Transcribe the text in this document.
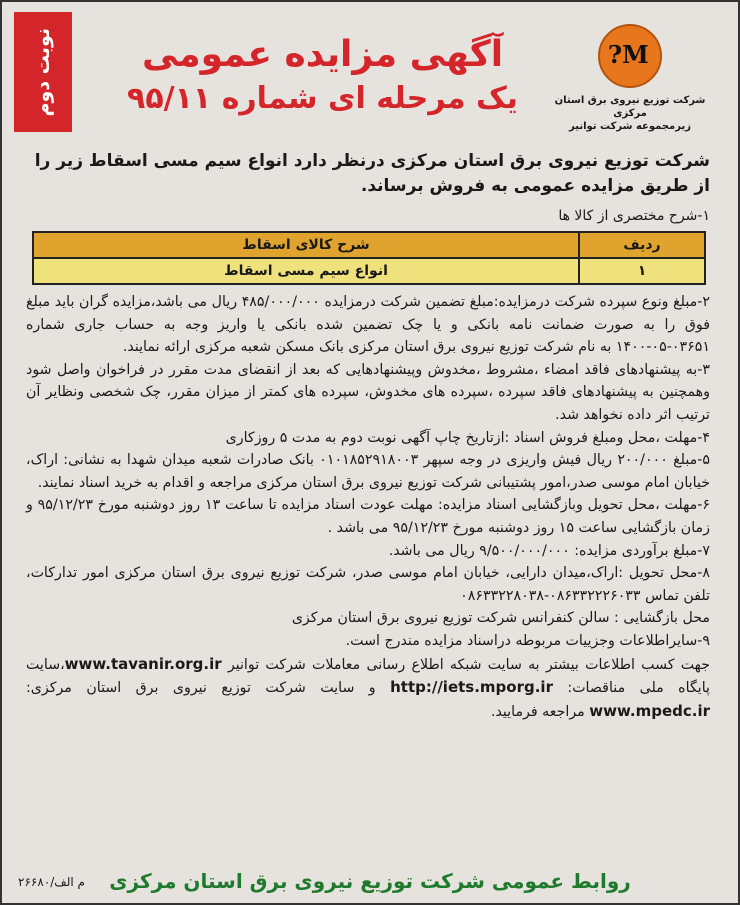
?M
شرکت توزیع نیروی برق استان مرکزی
زیرمجموعه شرکت توانیر
آگهی مزایده عمومی
یک مرحله ای شماره ۹۵/۱۱
نوبت دوم
شرکت توزیع نیروی برق استان مرکزی درنظر دارد انواع سیم مسی اسقاط زیر را از طریق مزایده عمومی به فروش برساند.
۱-شرح مختصری از کالا ها
ردیف	شرح کالای اسقاط
۱	انواع سیم مسی اسقاط

۲-مبلغ ونوع سپرده شرکت درمزایده:مبلغ تضمین شرکت درمزایده ۴۸۵/۰۰۰/۰۰۰ ریال می باشد،مزایده گران باید مبلغ فوق را به صورت ضمانت نامه بانکی و یا چک تضمین شده بانکی یا واریز وجه به حساب جاری شماره ۰۳۶۵۱-۰۵-۱۴۰۰ به نام شرکت توزیع نیروی برق استان مرکزی بانک مسکن شعبه مرکزی ارائه نمایند.

۳-به پیشنهادهای فاقد امضاء ،مشروط ،مخدوش وپیشنهادهایی که بعد از انقضای مدت مقرر در فراخوان واصل شود وهمچنین به پیشنهادهای فاقد سپرده ،سپرده های مخدوش، سپرده های کمتر از میزان مقرر، چک شخصی ونظایر آن ترتیب اثر داده نخواهد شد.

۴-مهلت ،محل ومبلغ فروش اسناد :ازتاریخ چاپ آگهی نوبت دوم به مدت ۵ روزکاری

۵-مبلغ ۲۰۰/۰۰۰ ریال فیش واریزی در وجه سپهر ۰۱۰۱۸۵۲۹۱۸۰۰۳ بانک صادرات شعبه میدان شهدا به نشانی: اراک، خیابان امام موسی صدر،امور پشتیبانی شرکت توزیع نیروی برق استان مرکزی مراجعه و اقدام به خرید اسناد نمایند.

۶-مهلت ،محل تحویل وبازگشایی اسناد مزایده: مهلت عودت اسناد مزایده تا ساعت ۱۳ روز دوشنبه مورخ ۹۵/۱۲/۲۳ و زمان بازگشایی ساعت ۱۵ روز دوشنبه مورخ ۹۵/۱۲/۲۳ می باشد .

۷-مبلغ برآوردی مزایده: ۹/۵۰۰/۰۰۰/۰۰۰ ریال می باشد.

۸-محل تحویل :اراک،میدان دارایی، خیابان امام موسی صدر، شرکت توزیع نیروی برق استان مرکزی امور تدارکات، تلفن تماس ۰۸۶۳۳۲۲۲۶۰۳۳-۰۸۶۳۳۲۲۸۰۳۸

محل بازگشایی : سالن کنفرانس شرکت توزیع نیروی برق استان مرکزی

۹-سایراطلاعات وجزییات مربوطه دراسناد مزایده مندرج است.

جهت کسب اطلاعات بیشتر به سایت شبکه اطلاع رسانی معاملات شرکت توانیر www.tavanir.org.ir،سایت پایگاه ملی مناقصات: http://iets.mporg.ir و سایت شرکت توزیع نیروی برق استان مرکزی: www.mpedc.ir مراجعه فرمایید.

روابط عمومی شرکت توزیع نیروی برق استان مرکزی
۲۶۶۸۰/م الف
